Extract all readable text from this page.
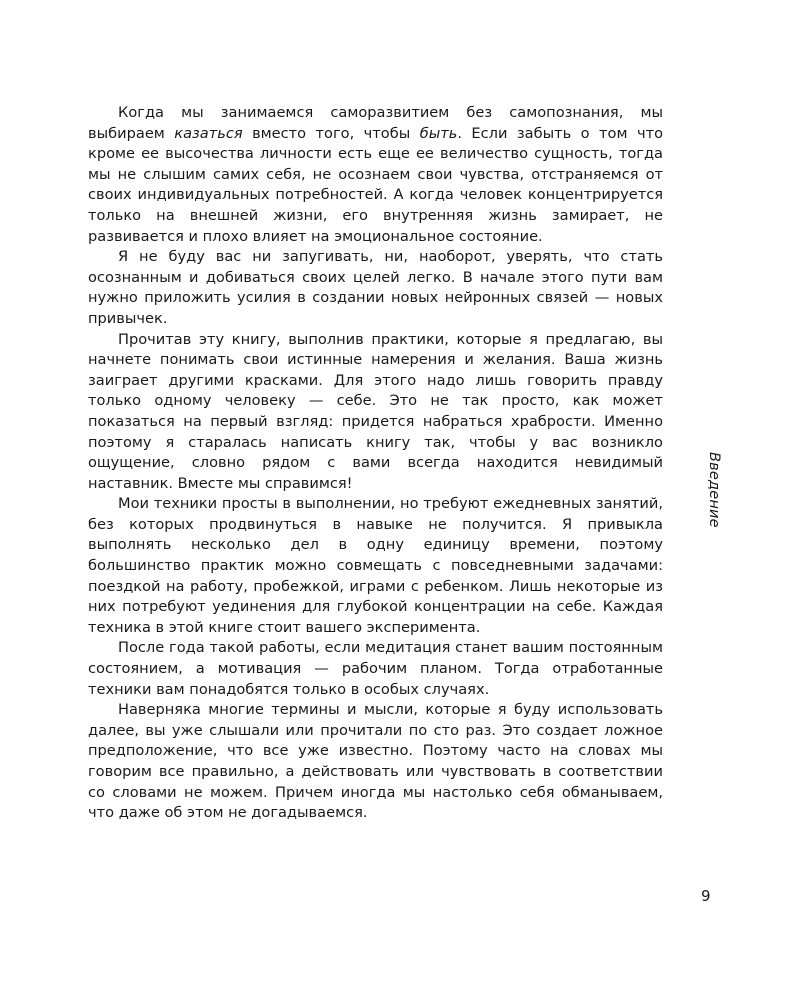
Когда мы занимаемся саморазвитием без самопознания, мы выбираем казаться вместо того, чтобы быть. Если забыть о том что кроме ее высочества личности есть еще ее величество сущность, тогда мы не слышим самих себя, не осознаем свои чувства, отстраняемся от своих индивидуальных потребностей. А когда человек концентрируется только на внешней жизни, его внутренняя жизнь замирает, не развивается и плохо влияет на эмоциональное состояние.

Я не буду вас ни запугивать, ни, наоборот, уверять, что стать осознанным и добиваться своих целей легко. В начале этого пути вам нужно приложить усилия в создании новых нейронных связей — новых привычек.

Прочитав эту книгу, выполнив практики, которые я предлагаю, вы начнете понимать свои истинные намерения и желания. Ваша жизнь заиграет другими красками. Для этого надо лишь говорить правду только одному человеку — себе. Это не так просто, как может показаться на первый взгляд: придется набраться храбрости. Именно поэтому я старалась написать книгу так, чтобы у вас возникло ощущение, словно рядом с вами всегда находится невидимый наставник. Вместе мы справимся!

Мои техники просты в выполнении, но требуют ежедневных занятий, без которых продвинуться в навыке не получится. Я привыкла выполнять несколько дел в одну единицу времени, поэтому большинство практик можно совмещать с повседневными задачами: поездкой на работу, пробежкой, играми с ребенком. Лишь некоторые из них потребуют уединения для глубокой концентрации на себе. Каждая техника в этой книге стоит вашего эксперимента.

После года такой работы, если медитация станет вашим постоянным состоянием, а мотивация — рабочим планом. Тогда отработанные техники вам понадобятся только в особых случаях.

Наверняка многие термины и мысли, которые я буду использовать далее, вы уже слышали или прочитали по сто раз. Это создает ложное предположение, что все уже известно. Поэтому часто на словах мы говорим все правильно, а действовать или чувствовать в соответствии со словами не можем. Причем иногда мы настолько себя обманываем, что даже об этом не догадываемся.

Введение
9
